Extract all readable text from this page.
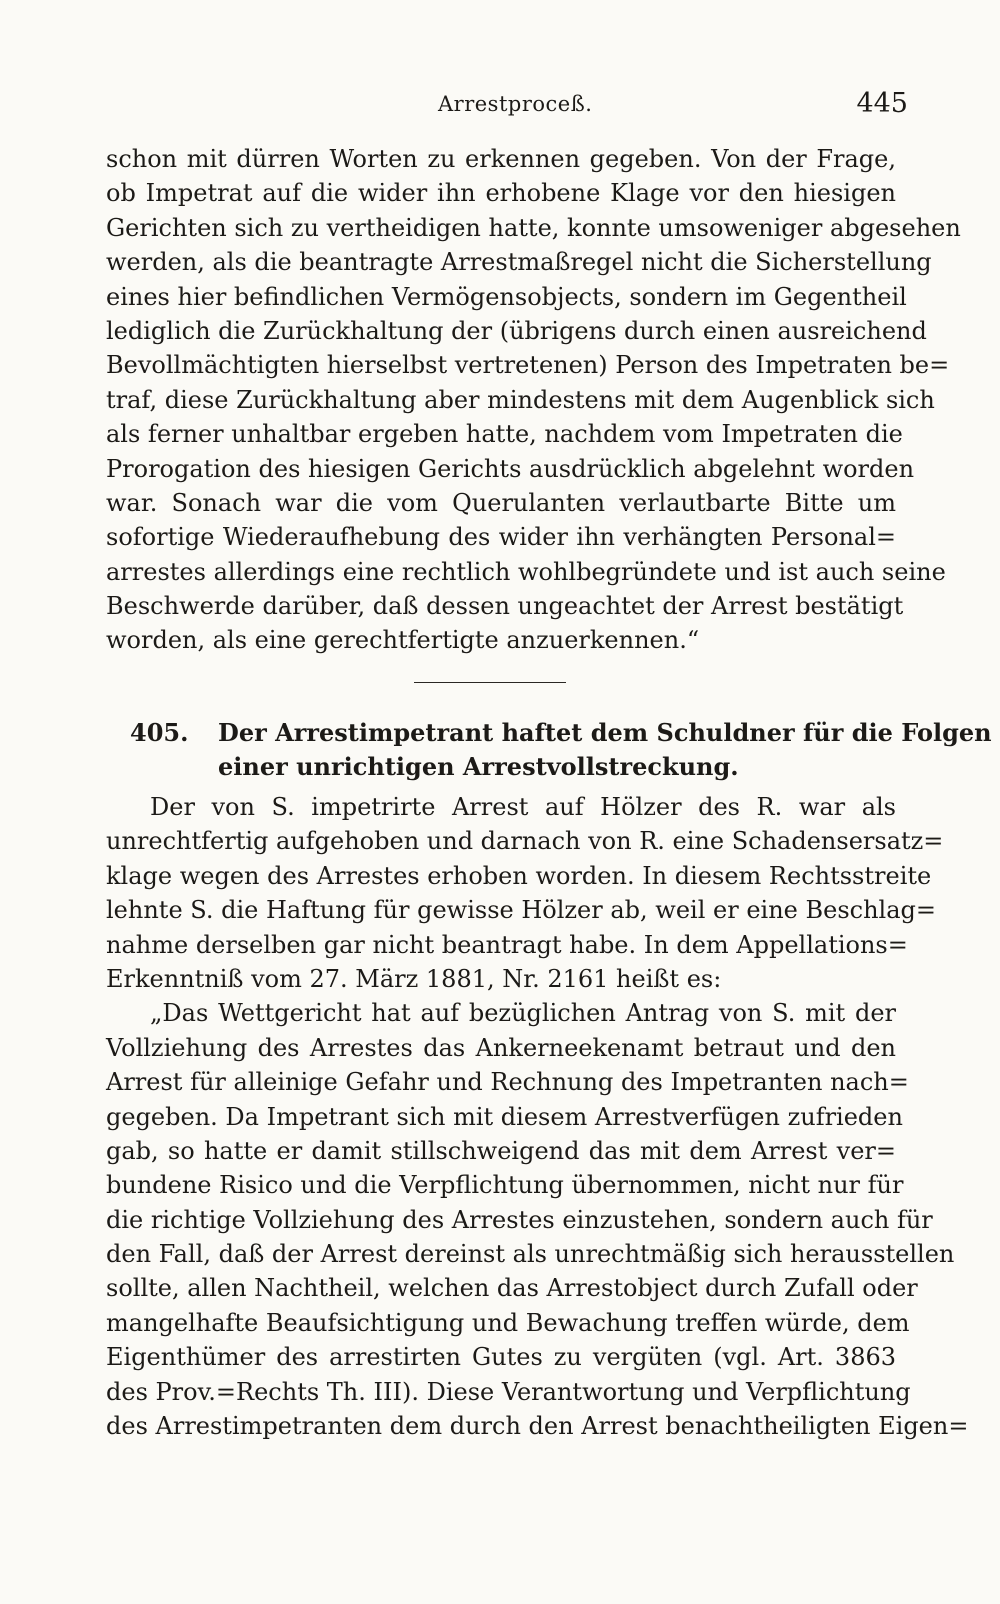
Arrestproceß.	445
schon mit dürren Worten zu erkennen gegeben. Von der Frage,
ob Impetrat auf die wider ihn erhobene Klage vor den hiesigen
Gerichten sich zu vertheidigen hatte, konnte umsoweniger abgesehen
werden, als die beantragte Arrestmaßregel nicht die Sicherstellung
eines hier befindlichen Vermögensobjects, sondern im Gegentheil
lediglich die Zurückhaltung der (übrigens durch einen ausreichend
Bevollmächtigten hierselbst vertretenen) Person des Impetraten be=
traf, diese Zurückhaltung aber mindestens mit dem Augenblick sich
als ferner unhaltbar ergeben hatte, nachdem vom Impetraten die
Prorogation des hiesigen Gerichts ausdrücklich abgelehnt worden
war. Sonach war die vom Querulanten verlautbarte Bitte um
sofortige Wiederaufhebung des wider ihn verhängten Personal=
arrestes allerdings eine rechtlich wohlbegründete und ist auch seine
Beschwerde darüber, daß dessen ungeachtet der Arrest bestätigt
worden, als eine gerechtfertigte anzuerkennen.“
405. Der Arrestimpetrant haftet dem Schuldner für die Folgen
einer unrichtigen Arrestvollstreckung.
Der von S. impetrirte Arrest auf Hölzer des R. war als
unrechtfertig aufgehoben und darnach von R. eine Schadensersatz=
klage wegen des Arrestes erhoben worden. In diesem Rechtsstreite
lehnte S. die Haftung für gewisse Hölzer ab, weil er eine Beschlag=
nahme derselben gar nicht beantragt habe. In dem Appellations=
Erkenntniß vom 27. März 1881, Nr. 2161 heißt es:
„Das Wettgericht hat auf bezüglichen Antrag von S. mit der
Vollziehung des Arrestes das Ankerneekenamt betraut und den
Arrest für alleinige Gefahr und Rechnung des Impetranten nach=
gegeben. Da Impetrant sich mit diesem Arrestverfügen zufrieden
gab, so hatte er damit stillschweigend das mit dem Arrest ver=
bundene Risico und die Verpflichtung übernommen, nicht nur für
die richtige Vollziehung des Arrestes einzustehen, sondern auch für
den Fall, daß der Arrest dereinst als unrechtmäßig sich herausstellen
sollte, allen Nachtheil, welchen das Arrestobject durch Zufall oder
mangelhafte Beaufsichtigung und Bewachung treffen würde, dem
Eigenthümer des arrestirten Gutes zu vergüten (vgl. Art. 3863
des Prov.=Rechts Th. III). Diese Verantwortung und Verpflichtung
des Arrestimpetranten dem durch den Arrest benachtheiligten Eigen=
